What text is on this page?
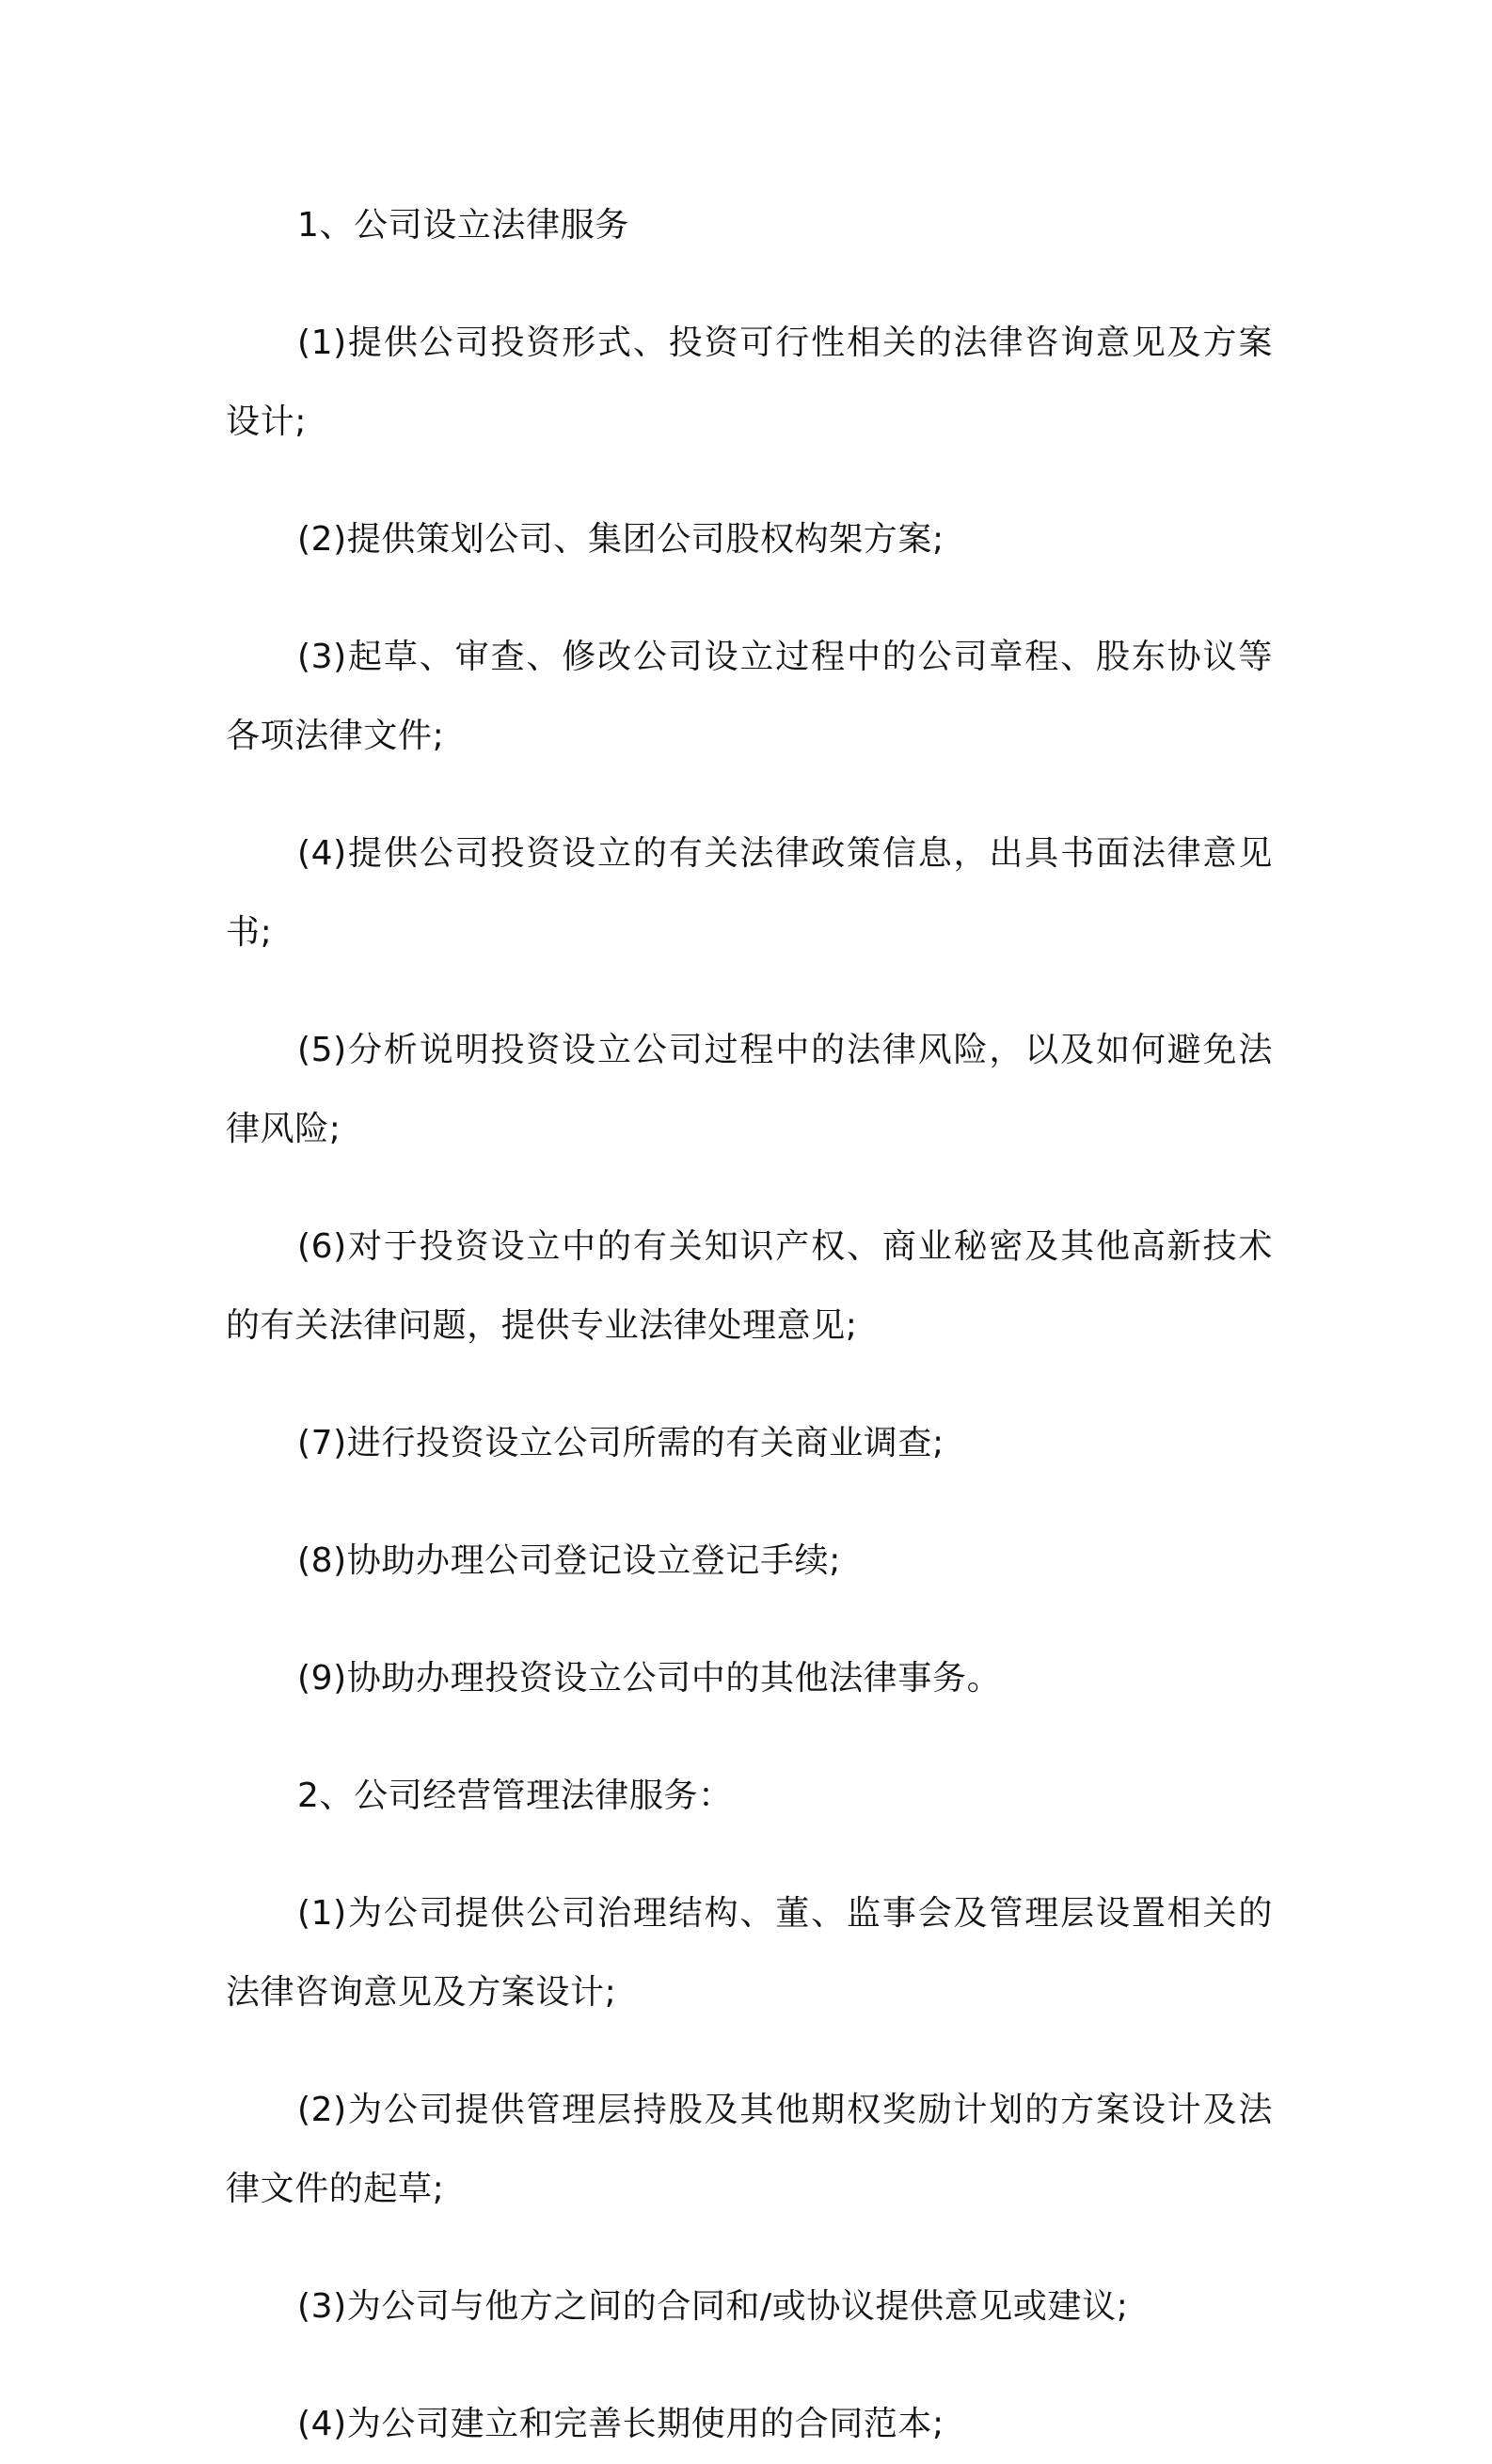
1、公司设立法律服务

(1)提供公司投资形式、投资可行性相关的法律咨询意见及方案设计;

(2)提供策划公司、集团公司股权构架方案;

(3)起草、审查、修改公司设立过程中的公司章程、股东协议等各项法律文件;

(4)提供公司投资设立的有关法律政策信息，出具书面法律意见书;

(5)分析说明投资设立公司过程中的法律风险，以及如何避免法律风险;

(6)对于投资设立中的有关知识产权、商业秘密及其他高新技术的有关法律问题，提供专业法律处理意见;

(7)进行投资设立公司所需的有关商业调查;

(8)协助办理公司登记设立登记手续;

(9)协助办理投资设立公司中的其他法律事务。

2、公司经营管理法律服务：

(1)为公司提供公司治理结构、董、监事会及管理层设置相关的法律咨询意见及方案设计;

(2)为公司提供管理层持股及其他期权奖励计划的方案设计及法律文件的起草;

(3)为公司与他方之间的合同和/或协议提供意见或建议;

(4)为公司建立和完善长期使用的合同范本;
